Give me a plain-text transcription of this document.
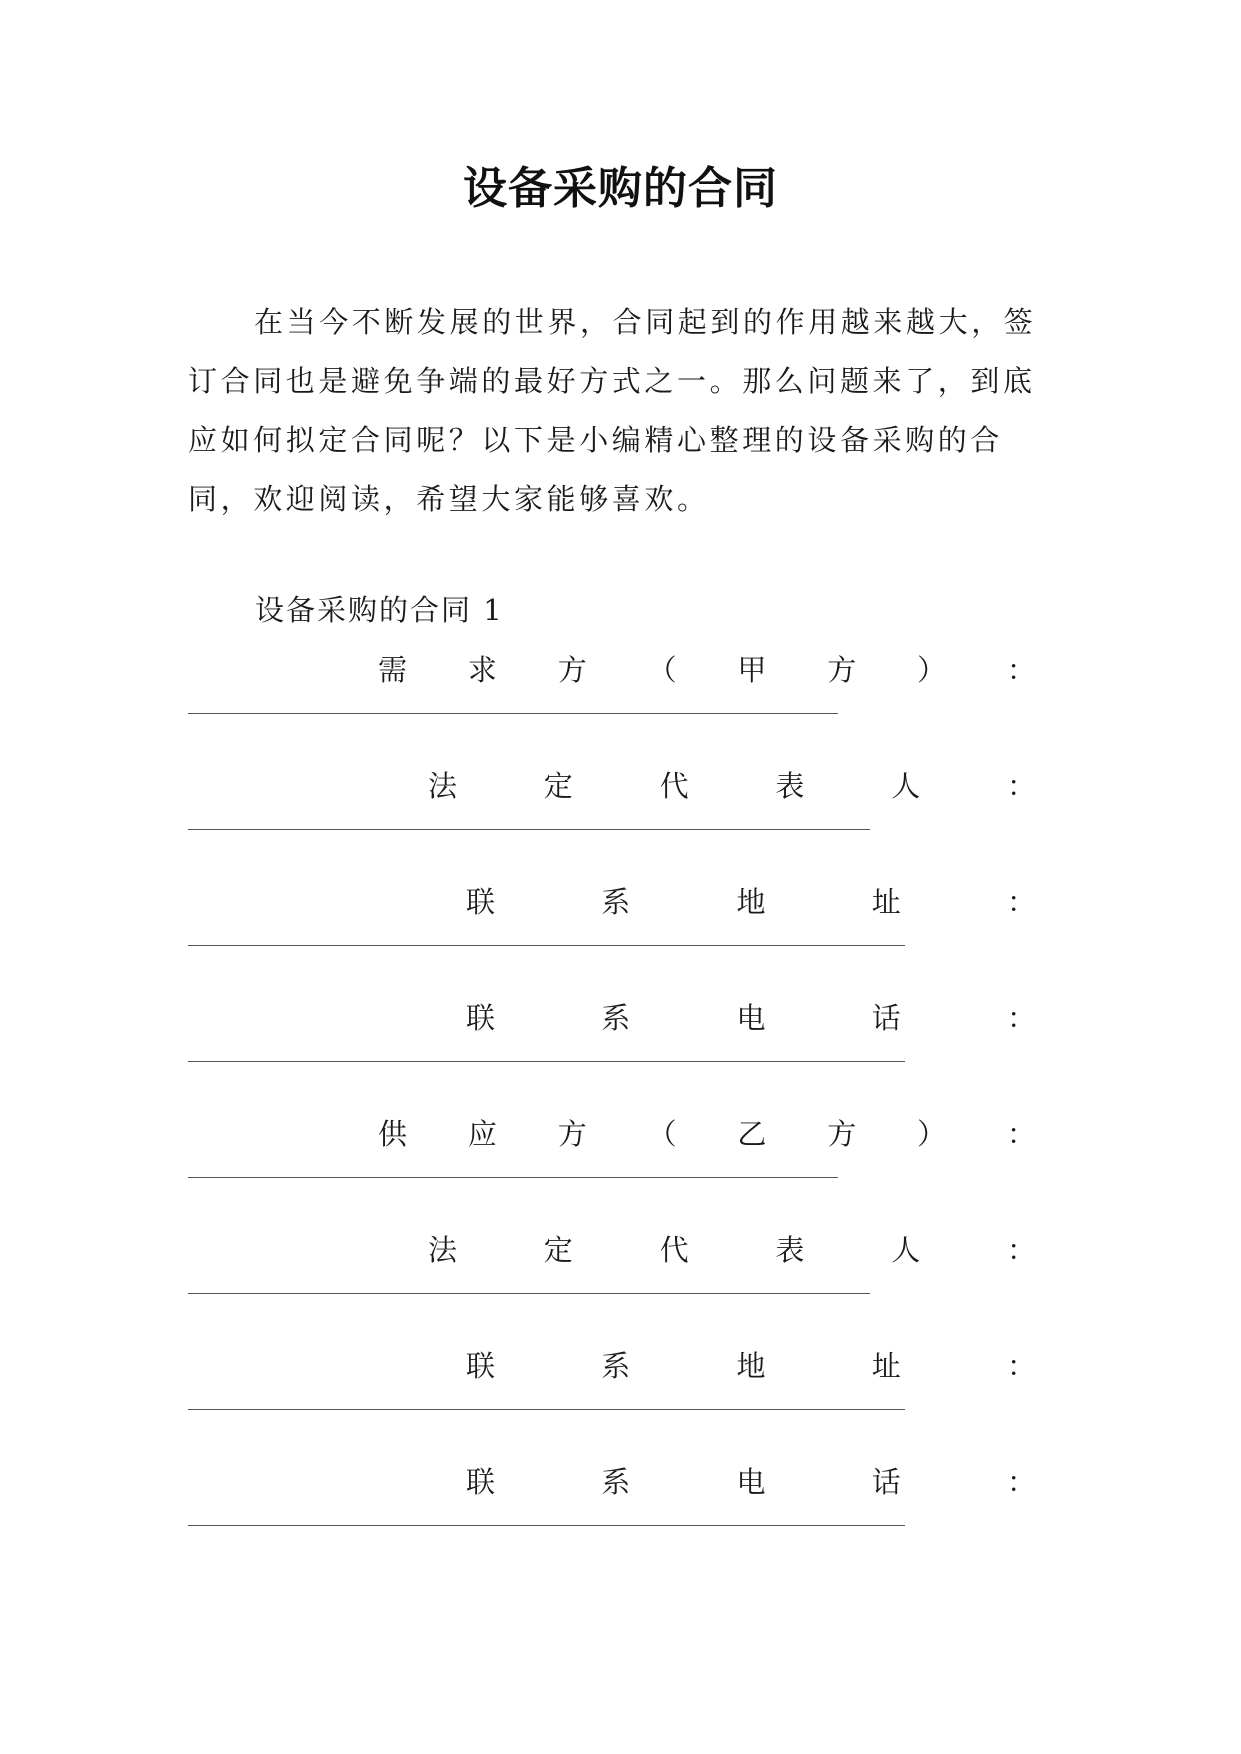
设备采购的合同

在当今不断发展的世界，合同起到的作用越来越大，签订合同也是避免争端的最好方式之一。那么问题来了，到底应如何拟定合同呢？以下是小编精心整理的设备采购的合同，欢迎阅读，希望大家能够喜欢。

设备采购的合同 1
需 求 方 （ 甲 方 ） ：
法	定	代	表	人	：
联	系	地	址	：
联	系	电	话	：
供 应 方 （ 乙 方 ） ：
法	定	代	表	人	：
联	系	地	址	：
联	系	电	话	：
